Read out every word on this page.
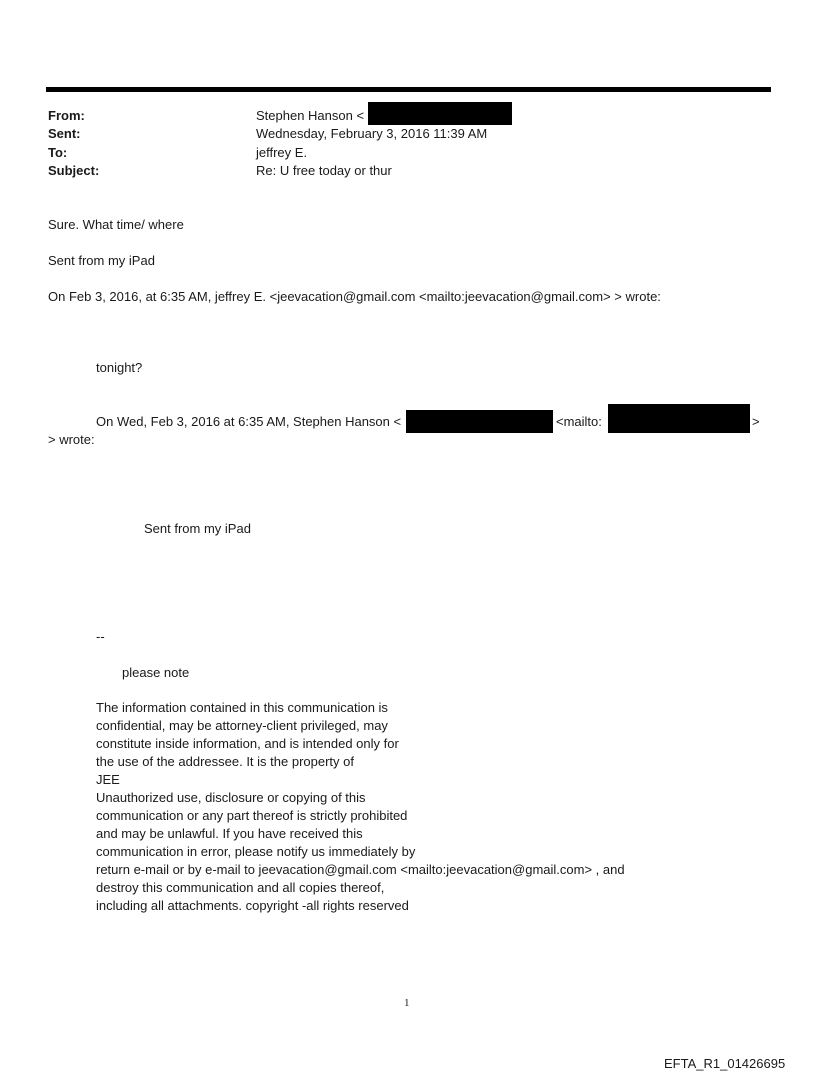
From:	Stephen Hanson <
Sent:	Wednesday, February 3, 2016 11:39 AM
To:	jeffrey E.
Subject:	Re: U free today or thur
Sure. What time/ where
Sent from my iPad
On Feb 3, 2016, at 6:35 AM, jeffrey E. <jeevacation@gmail.com <mailto:jeevacation@gmail.com> > wrote:
tonight?
On Wed, Feb 3, 2016 at 6:35 AM, Stephen Hanson <	<mailto:	>
> wrote:
Sent from my iPad
--
please note
The information contained in this communication is
confidential, may be attorney-client privileged, may
constitute inside information, and is intended only for
the use of the addressee. It is the property of
JEE
Unauthorized use, disclosure or copying of this
communication or any part thereof is strictly prohibited
and may be unlawful. If you have received this
communication in error, please notify us immediately by
return e-mail or by e-mail to jeevacation@gmail.com <mailto:jeevacation@gmail.com> , and
destroy this communication and all copies thereof,
including all attachments. copyright -all rights reserved
1
EFTA_R1_01426695
